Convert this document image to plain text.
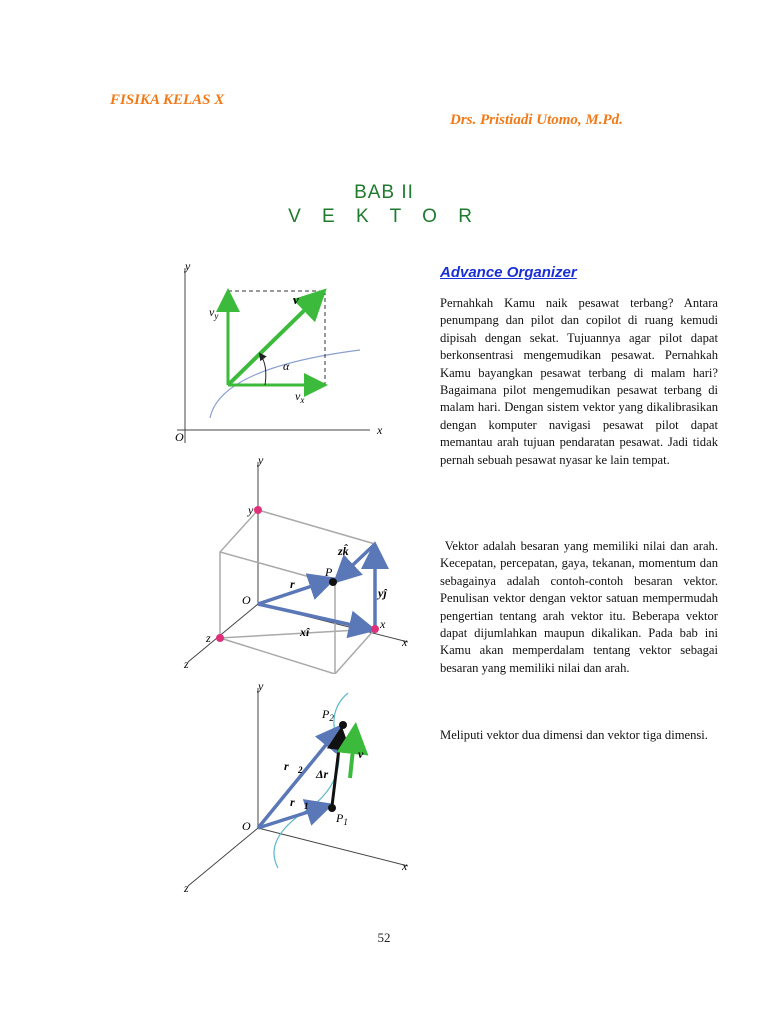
FISIKA KELAS X
Drs. Pristiadi Utomo, M.Pd.
BAB II
V E K T O R
y
x
O
$v_y$
$v_x$
v⃗
α
y
x
z
O
y
z
x
P
r⃗
zk̂
yĵ
xî
y
x
z
O
$P_2$
$P_1$
$r⃗_2$
$r⃗_1$
Δr⃗
v⃗
Advance Organizer
Pernahkah Kamu naik pesawat terbang? Antara penumpang dan pilot dan copilot di ruang kemudi dipisah dengan sekat. Tujuannya agar pilot dapat berkonsentrasi mengemudikan pesawat. Pernahkah Kamu bayangkan pesawat terbang di malam hari? Bagaimana pilot mengemudikan pesawat terbang di malam hari. Dengan sistem vektor yang dikalibrasikan dengan komputer navigasi pesawat pilot dapat memantau arah tujuan pendaratan pesawat. Jadi tidak pernah sebuah pesawat nyasar ke lain tempat.
Vektor adalah besaran yang memiliki nilai dan arah. Kecepatan, percepatan, gaya, tekanan, momentum dan sebagainya adalah contoh-contoh besaran vektor. Penulisan vektor dengan vektor satuan mempermudah pengertian tentang arah vektor itu. Beberapa vektor dapat dijumlahkan maupun dikalikan. Pada bab ini Kamu akan memperdalam tentang vektor sebagai besaran yang memiliki nilai dan arah.
Meliputi vektor dua dimensi dan vektor tiga dimensi.
52
